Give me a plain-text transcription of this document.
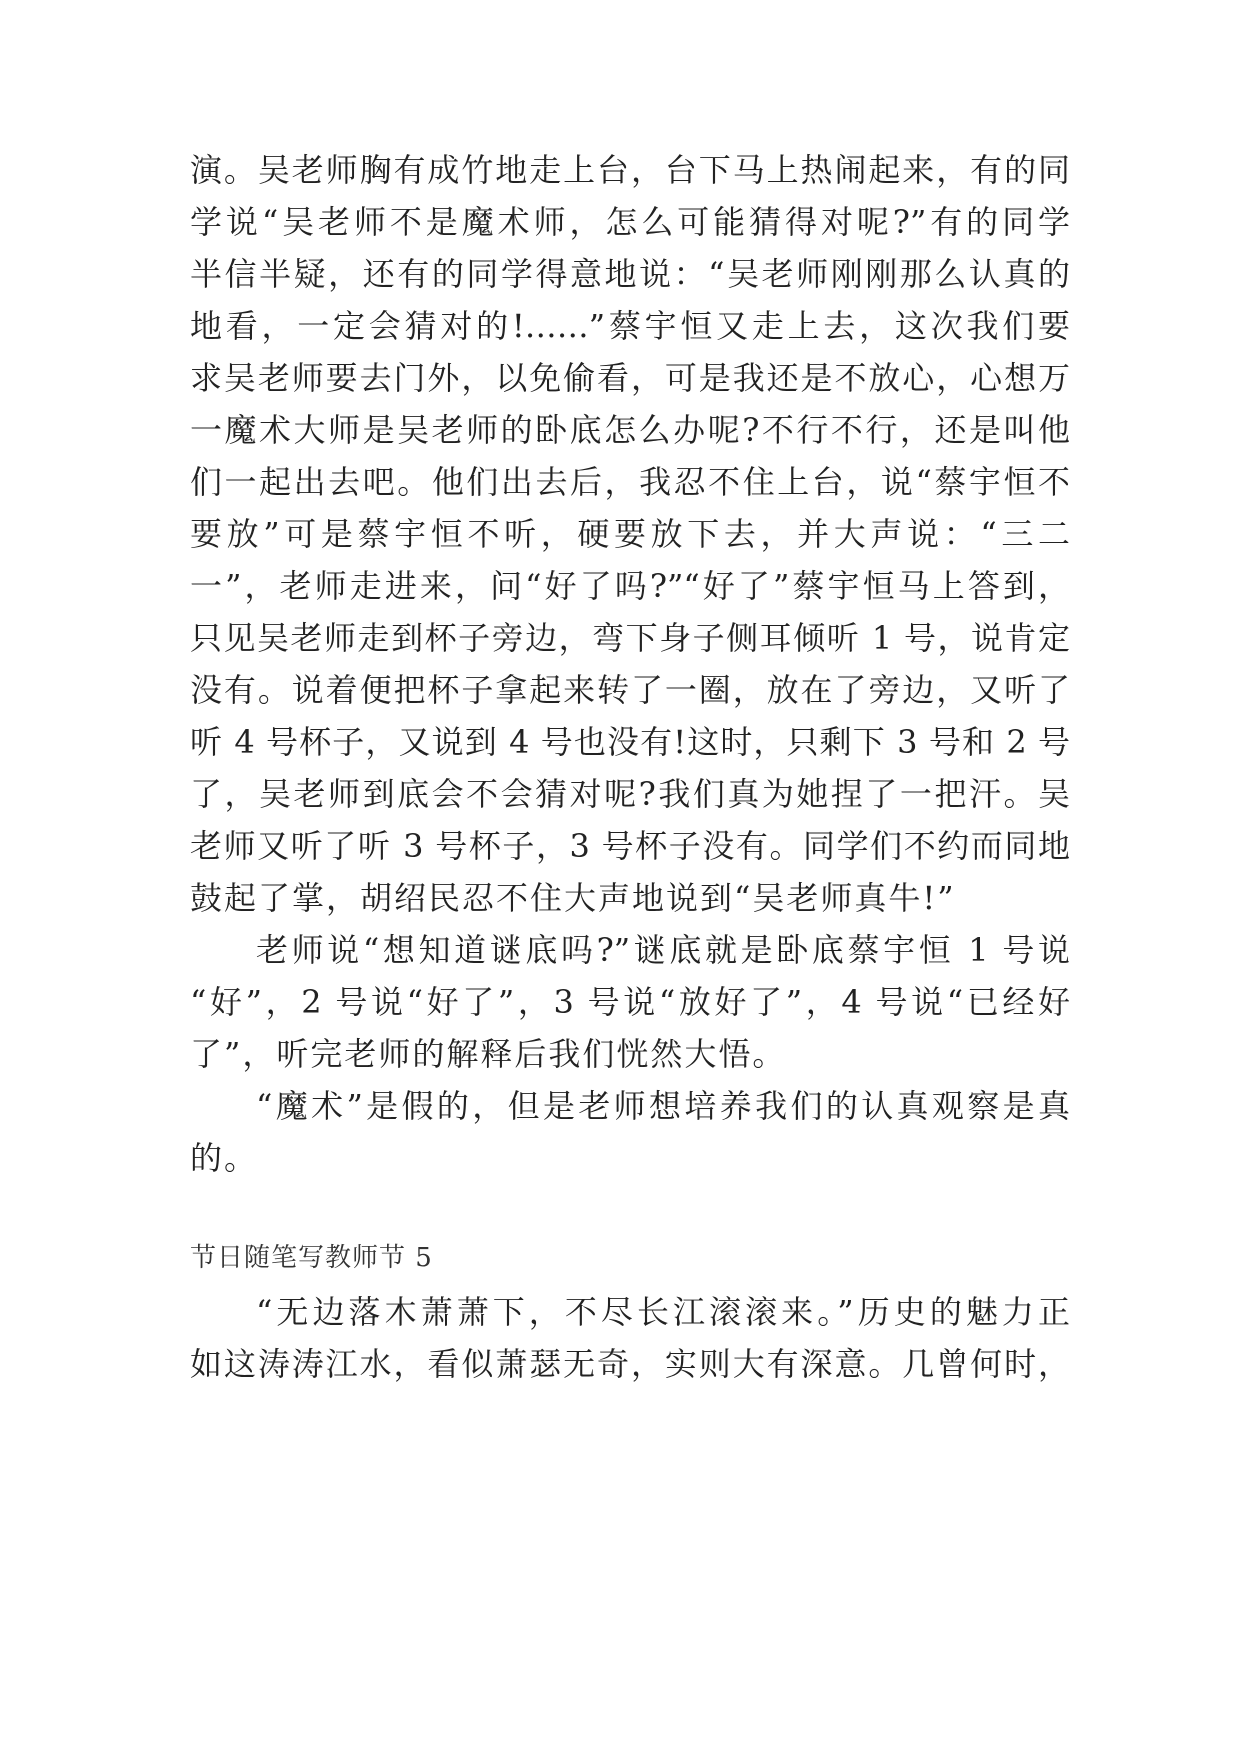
演。吴老师胸有成竹地走上台，台下马上热闹起来，有的同
学说“吴老师不是魔术师，怎么可能猜得对呢?”有的同学
半信半疑，还有的同学得意地说：“吴老师刚刚那么认真的
地看，一定会猜对的!……”蔡宇恒又走上去，这次我们要
求吴老师要去门外，以免偷看，可是我还是不放心，心想万
一魔术大师是吴老师的卧底怎么办呢?不行不行，还是叫他
们一起出去吧。他们出去后，我忍不住上台，说“蔡宇恒不
要放”可是蔡宇恒不听，硬要放下去，并大声说：“三二
一”，老师走进来，问“好了吗?”“好了”蔡宇恒马上答到，
只见吴老师走到杯子旁边，弯下身子侧耳倾听 1 号，说肯定
没有。说着便把杯子拿起来转了一圈，放在了旁边，又听了
听 4 号杯子，又说到 4 号也没有!这时，只剩下 3 号和 2 号
了，吴老师到底会不会猜对呢?我们真为她捏了一把汗。吴
老师又听了听 3 号杯子，3 号杯子没有。同学们不约而同地
鼓起了掌，胡绍民忍不住大声地说到“吴老师真牛!”
老师说“想知道谜底吗?”谜底就是卧底蔡宇恒 1 号说
“好”，2 号说“好了”，3 号说“放好了”，4 号说“已经好
了”，听完老师的解释后我们恍然大悟。
“魔术”是假的，但是老师想培养我们的认真观察是真
的。
节日随笔写教师节 5
“无边落木萧萧下，不尽长江滚滚来。”历史的魅力正
如这涛涛江水，看似萧瑟无奇，实则大有深意。几曾何时，
